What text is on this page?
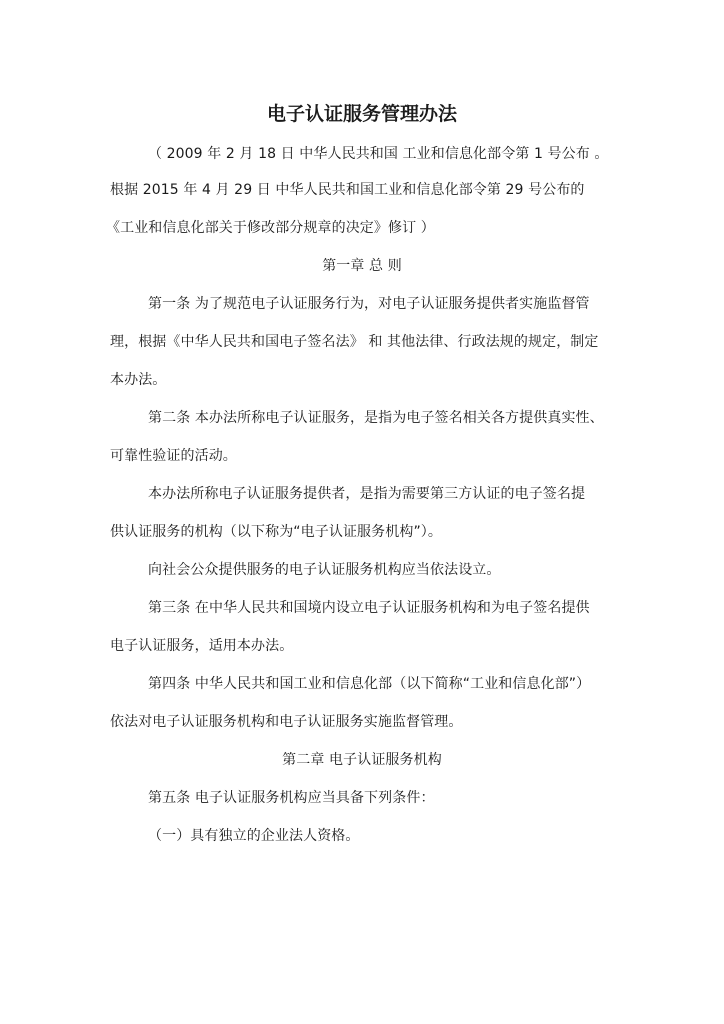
电子认证服务管理办法
（ 2009 年 2 月 18 日 中华人民共和国 工业和信息化部令第 1 号公布 。
根据 2015 年 4 月 29 日 中华人民共和国工业和信息化部令第 29 号公布的
《工业和信息化部关于修改部分规章的决定》修订 ）
第一章 总 则
第一条 为了规范电子认证服务行为，对电子认证服务提供者实施监督管
理，根据《中华人民共和国电子签名法》 和 其他法律、行政法规的规定，制定
本办法。
第二条 本办法所称电子认证服务，是指为电子签名相关各方提供真实性、
可靠性验证的活动。
本办法所称电子认证服务提供者，是指为需要第三方认证的电子签名提
供认证服务的机构（以下称为“电子认证服务机构”）。
向社会公众提供服务的电子认证服务机构应当依法设立。
第三条 在中华人民共和国境内设立电子认证服务机构和为电子签名提供
电子认证服务，适用本办法。
第四条 中华人民共和国工业和信息化部（以下简称“工业和信息化部”）
依法对电子认证服务机构和电子认证服务实施监督管理。
第二章 电子认证服务机构
第五条 电子认证服务机构应当具备下列条件：
（一）具有独立的企业法人资格。
